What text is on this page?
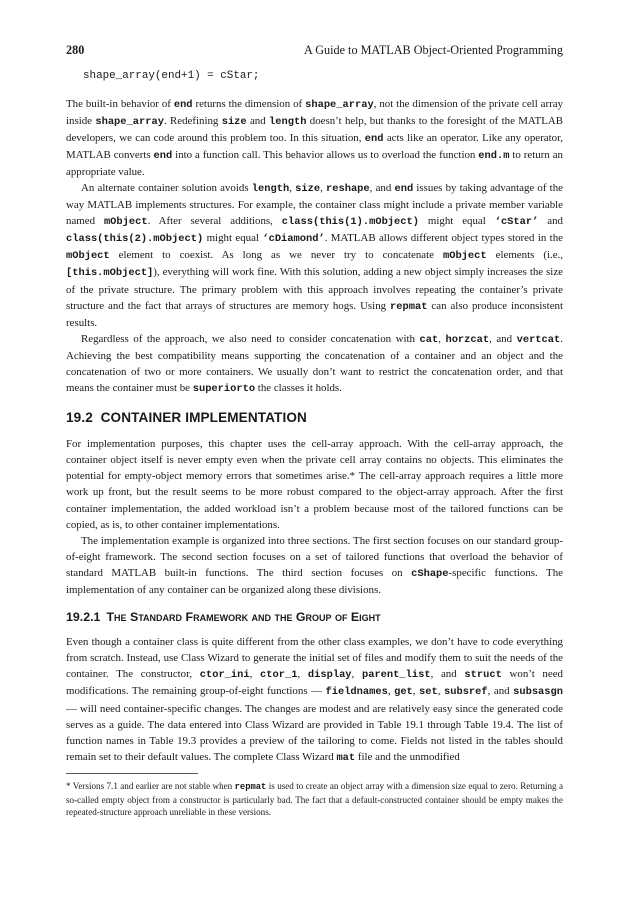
280	A Guide to MATLAB Object-Oriented Programming
shape_array(end+1) = cStar;

The built-in behavior of end returns the dimension of shape_array, not the dimension of the private cell array inside shape_array. Redefining size and length doesn’t help, but thanks to the foresight of the MATLAB developers, we can code around this problem too. In this situation, end acts like an operator. Like any operator, MATLAB converts end into a function call. This behavior allows us to overload the function end.m to return an appropriate value.

An alternate container solution avoids length, size, reshape, and end issues by taking advantage of the way MATLAB implements structures. For example, the container class might include a private member variable named mObject. After several additions, class(this(1).mObject) might equal ‘cStar’ and class(this(2).mObject) might equal ‘cDiamond’. MATLAB allows different object types stored in the mObject element to coexist. As long as we never try to concatenate mObject elements (i.e., [this.mObject]), everything will work fine. With this solution, adding a new object simply increases the size of the private structure. The primary problem with this approach involves repeating the container’s private structure and the fact that arrays of structures are memory hogs. Using repmat can also produce inconsistent results.

Regardless of the approach, we also need to consider concatenation with cat, horzcat, and vertcat. Achieving the best compatibility means supporting the concatenation of a container and an object and the concatenation of two or more containers. We usually don’t want to restrict the concatenation order, and that means the container must be superiorto the classes it holds.

19.2 CONTAINER IMPLEMENTATION

For implementation purposes, this chapter uses the cell-array approach. With the cell-array approach, the container object itself is never empty even when the private cell array contains no objects. This eliminates the potential for empty-object memory errors that sometimes arise.* The cell-array approach requires a little more work up front, but the result seems to be more robust compared to the object-array approach. After the first container implementation, the added workload isn’t a problem because most of the tailored functions can be copied, as is, to other container implementations.

The implementation example is organized into three sections. The first section focuses on our standard group-of-eight framework. The second section focuses on a set of tailored functions that overload the behavior of standard MATLAB built-in functions. The third section focuses on cShape-specific functions. The implementation of any container can be organized along these divisions.

19.2.1 The Standard Framework and the Group of Eight

Even though a container class is quite different from the other class examples, we don’t have to code everything from scratch. Instead, use Class Wizard to generate the initial set of files and modify them to suit the needs of the container. The constructor, ctor_ini, ctor_1, display, parent_list, and struct won’t need modifications. The remaining group-of-eight functions — fieldnames, get, set, subsref, and subsasgn — will need container-specific changes. The changes are modest and are relatively easy since the generated code serves as a guide. The data entered into Class Wizard are provided in Table 19.1 through Table 19.4. The list of function names in Table 19.3 provides a preview of the tailoring to come. Fields not listed in the tables should remain set to their default values. The complete Class Wizard mat file and the unmodified

* Versions 7.1 and earlier are not stable when repmat is used to create an object array with a dimension size equal to zero. Returning a so-called empty object from a constructor is particularly bad. The fact that a default-constructed container should be empty makes the repeated-structure approach unreliable in these versions.
